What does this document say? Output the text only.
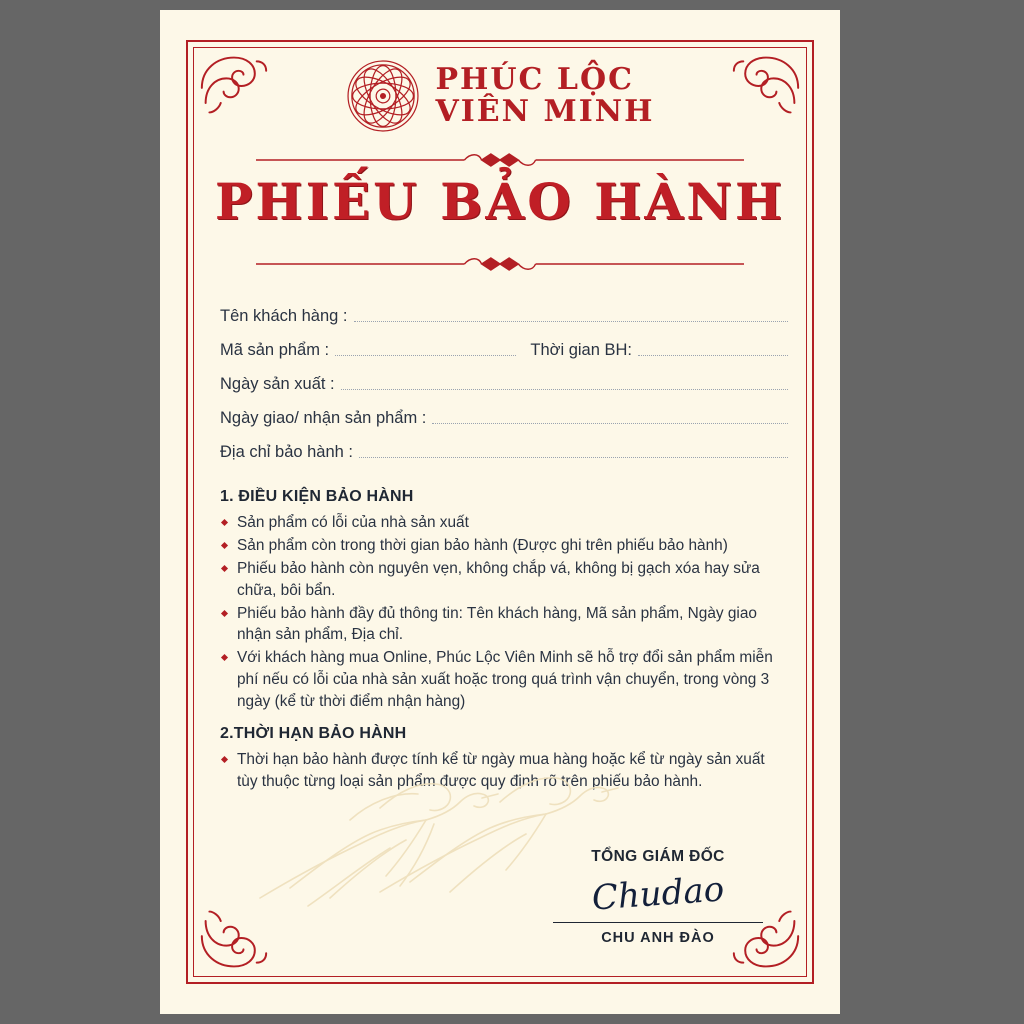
PHÚC LỘC
VIÊN MINH
PHIẾU BẢO HÀNH
Tên khách hàng :
Mã sản phẩm :	Thời gian BH:
Ngày sản xuất :
Ngày giao/ nhận sản phẩm :
Địa chỉ bảo hành :
1. ĐIỀU KIỆN BẢO HÀNH
Sản phẩm có lỗi của nhà sản xuất
Sản phẩm còn trong thời gian bảo hành (Được ghi trên phiếu bảo hành)
Phiếu bảo hành còn nguyên vẹn, không chắp vá, không bị gạch xóa hay sửa chữa, bôi bẩn.
Phiếu bảo hành đầy đủ thông tin: Tên khách hàng, Mã sản phẩm, Ngày giao nhận sản phẩm, Địa chỉ.
Với khách hàng mua Online, Phúc Lộc Viên Minh sẽ hỗ trợ đổi sản phẩm miễn phí nếu có lỗi của nhà sản xuất hoặc trong quá trình vận chuyển, trong vòng 3 ngày (kể từ thời điểm nhận hàng)
2.THỜI HẠN BẢO HÀNH
Thời hạn bảo hành được tính kể từ ngày mua hàng hoặc kể từ ngày sản xuất tùy thuộc từng loại sản phẩm được quy định rõ trên phiếu bảo hành.
TỔNG GIÁM ĐỐC
Chudao
CHU ANH ĐÀO
